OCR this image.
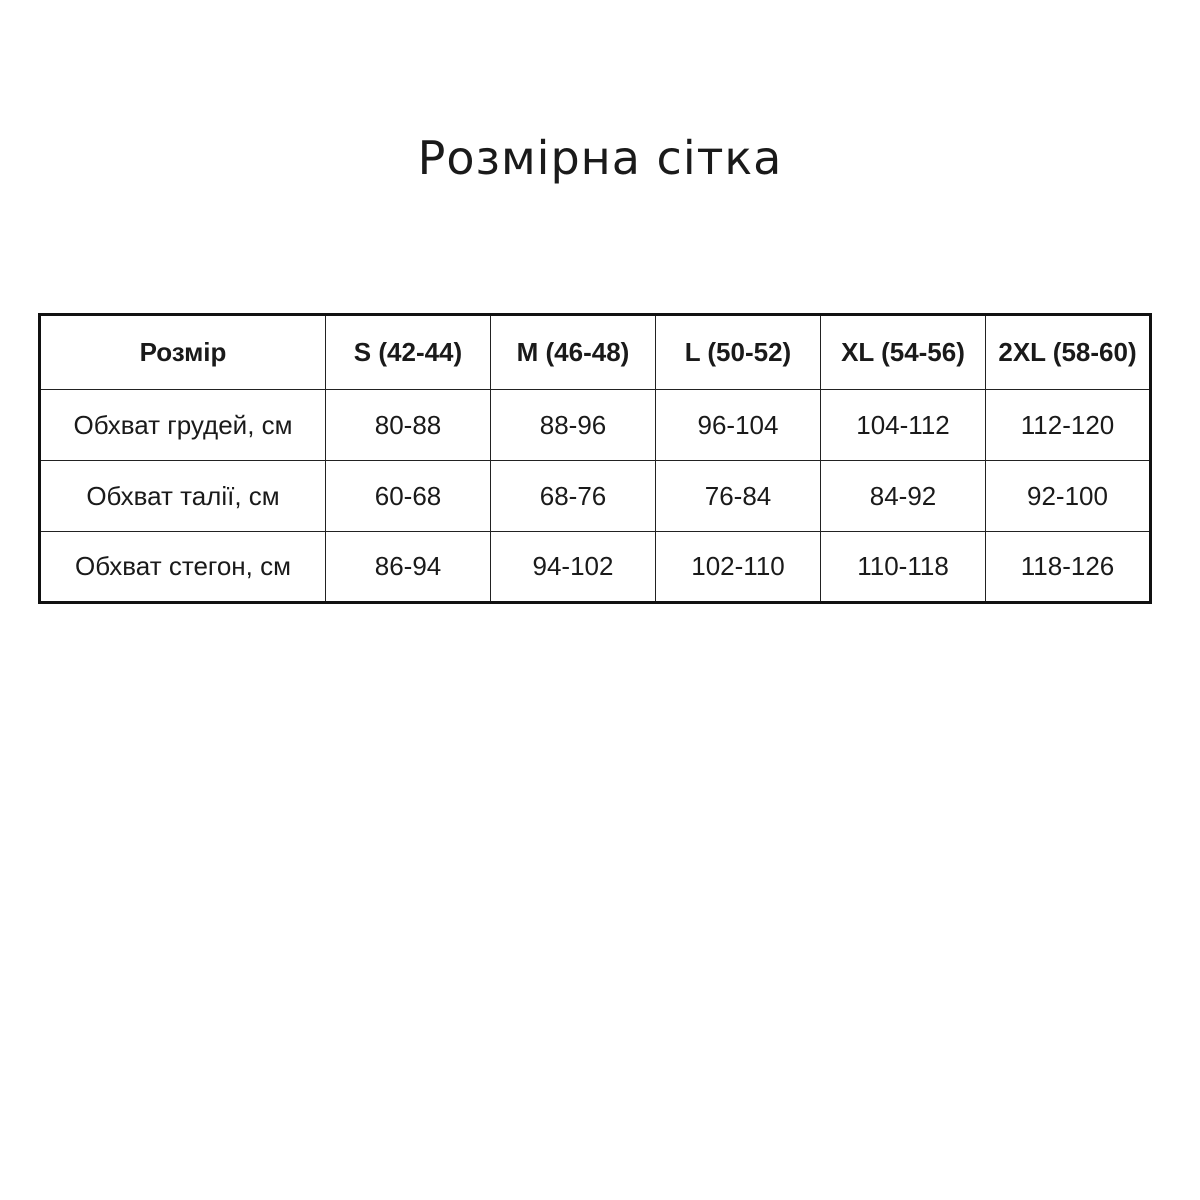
Розмірна сітка
Розмір	S (42-44)	M (46-48)	L (50-52)	XL (54-56)	2XL (58-60)
Обхват грудей, см	80-88	88-96	96-104	104-112	112-120
Обхват талії, см	60-68	68-76	76-84	84-92	92-100
Обхват стегон, см	86-94	94-102	102-110	110-118	118-126
